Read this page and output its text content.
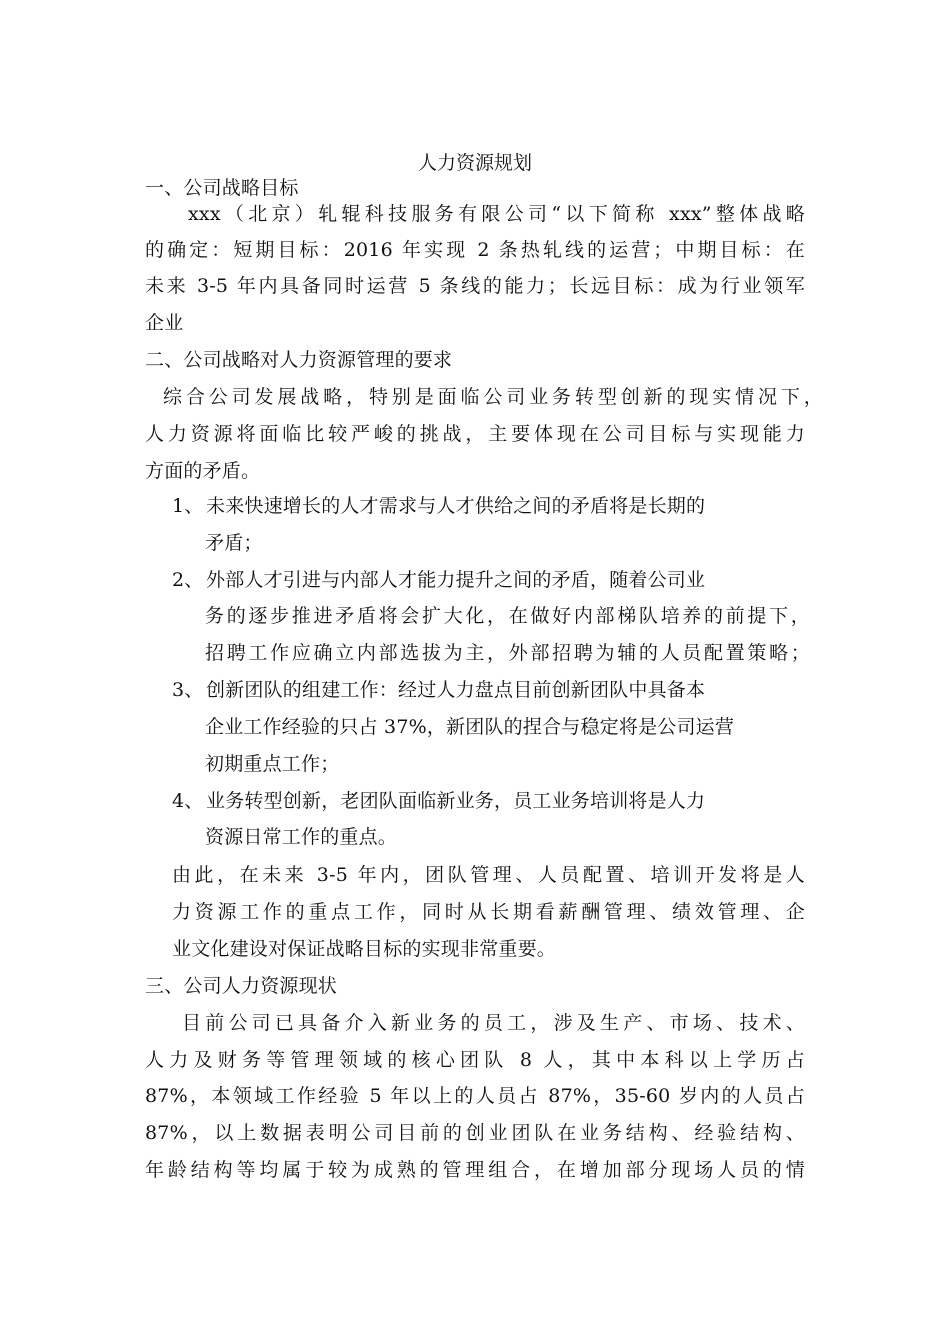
人力资源规划
一、公司战略目标
xxx（北京）轧辊科技服务有限公司“以下简称 xxx”整体战略
的确定：短期目标：2016 年实现 2 条热轧线的运营；中期目标：在
未来 3-5 年内具备同时运营 5 条线的能力；长远目标：成为行业领军
企业
二、公司战略对人力资源管理的要求
综合公司发展战略，特别是面临公司业务转型创新的现实情况下，
人力资源将面临比较严峻的挑战，主要体现在公司目标与实现能力
方面的矛盾。
1、 未来快速增长的人才需求与人才供给之间的矛盾将是长期的
矛盾；
2、 外部人才引进与内部人才能力提升之间的矛盾，随着公司业
务的逐步推进矛盾将会扩大化，在做好内部梯队培养的前提下，
招聘工作应确立内部选拔为主，外部招聘为辅的人员配置策略；
3、 创新团队的组建工作：经过人力盘点目前创新团队中具备本
企业工作经验的只占 37%，新团队的捏合与稳定将是公司运营
初期重点工作；
4、 业务转型创新，老团队面临新业务，员工业务培训将是人力
资源日常工作的重点。
由此，在未来 3-5 年内，团队管理、人员配置、培训开发将是人
力资源工作的重点工作，同时从长期看薪酬管理、绩效管理、企
业文化建设对保证战略目标的实现非常重要。
三、公司人力资源现状
目前公司已具备介入新业务的员工，涉及生产、市场、技术、
人力及财务等管理领域的核心团队 8 人，其中本科以上学历占
87%，本领域工作经验 5 年以上的人员占 87%，35-60 岁内的人员占
87%，以上数据表明公司目前的创业团队在业务结构、经验结构、
年龄结构等均属于较为成熟的管理组合，在增加部分现场人员的情
